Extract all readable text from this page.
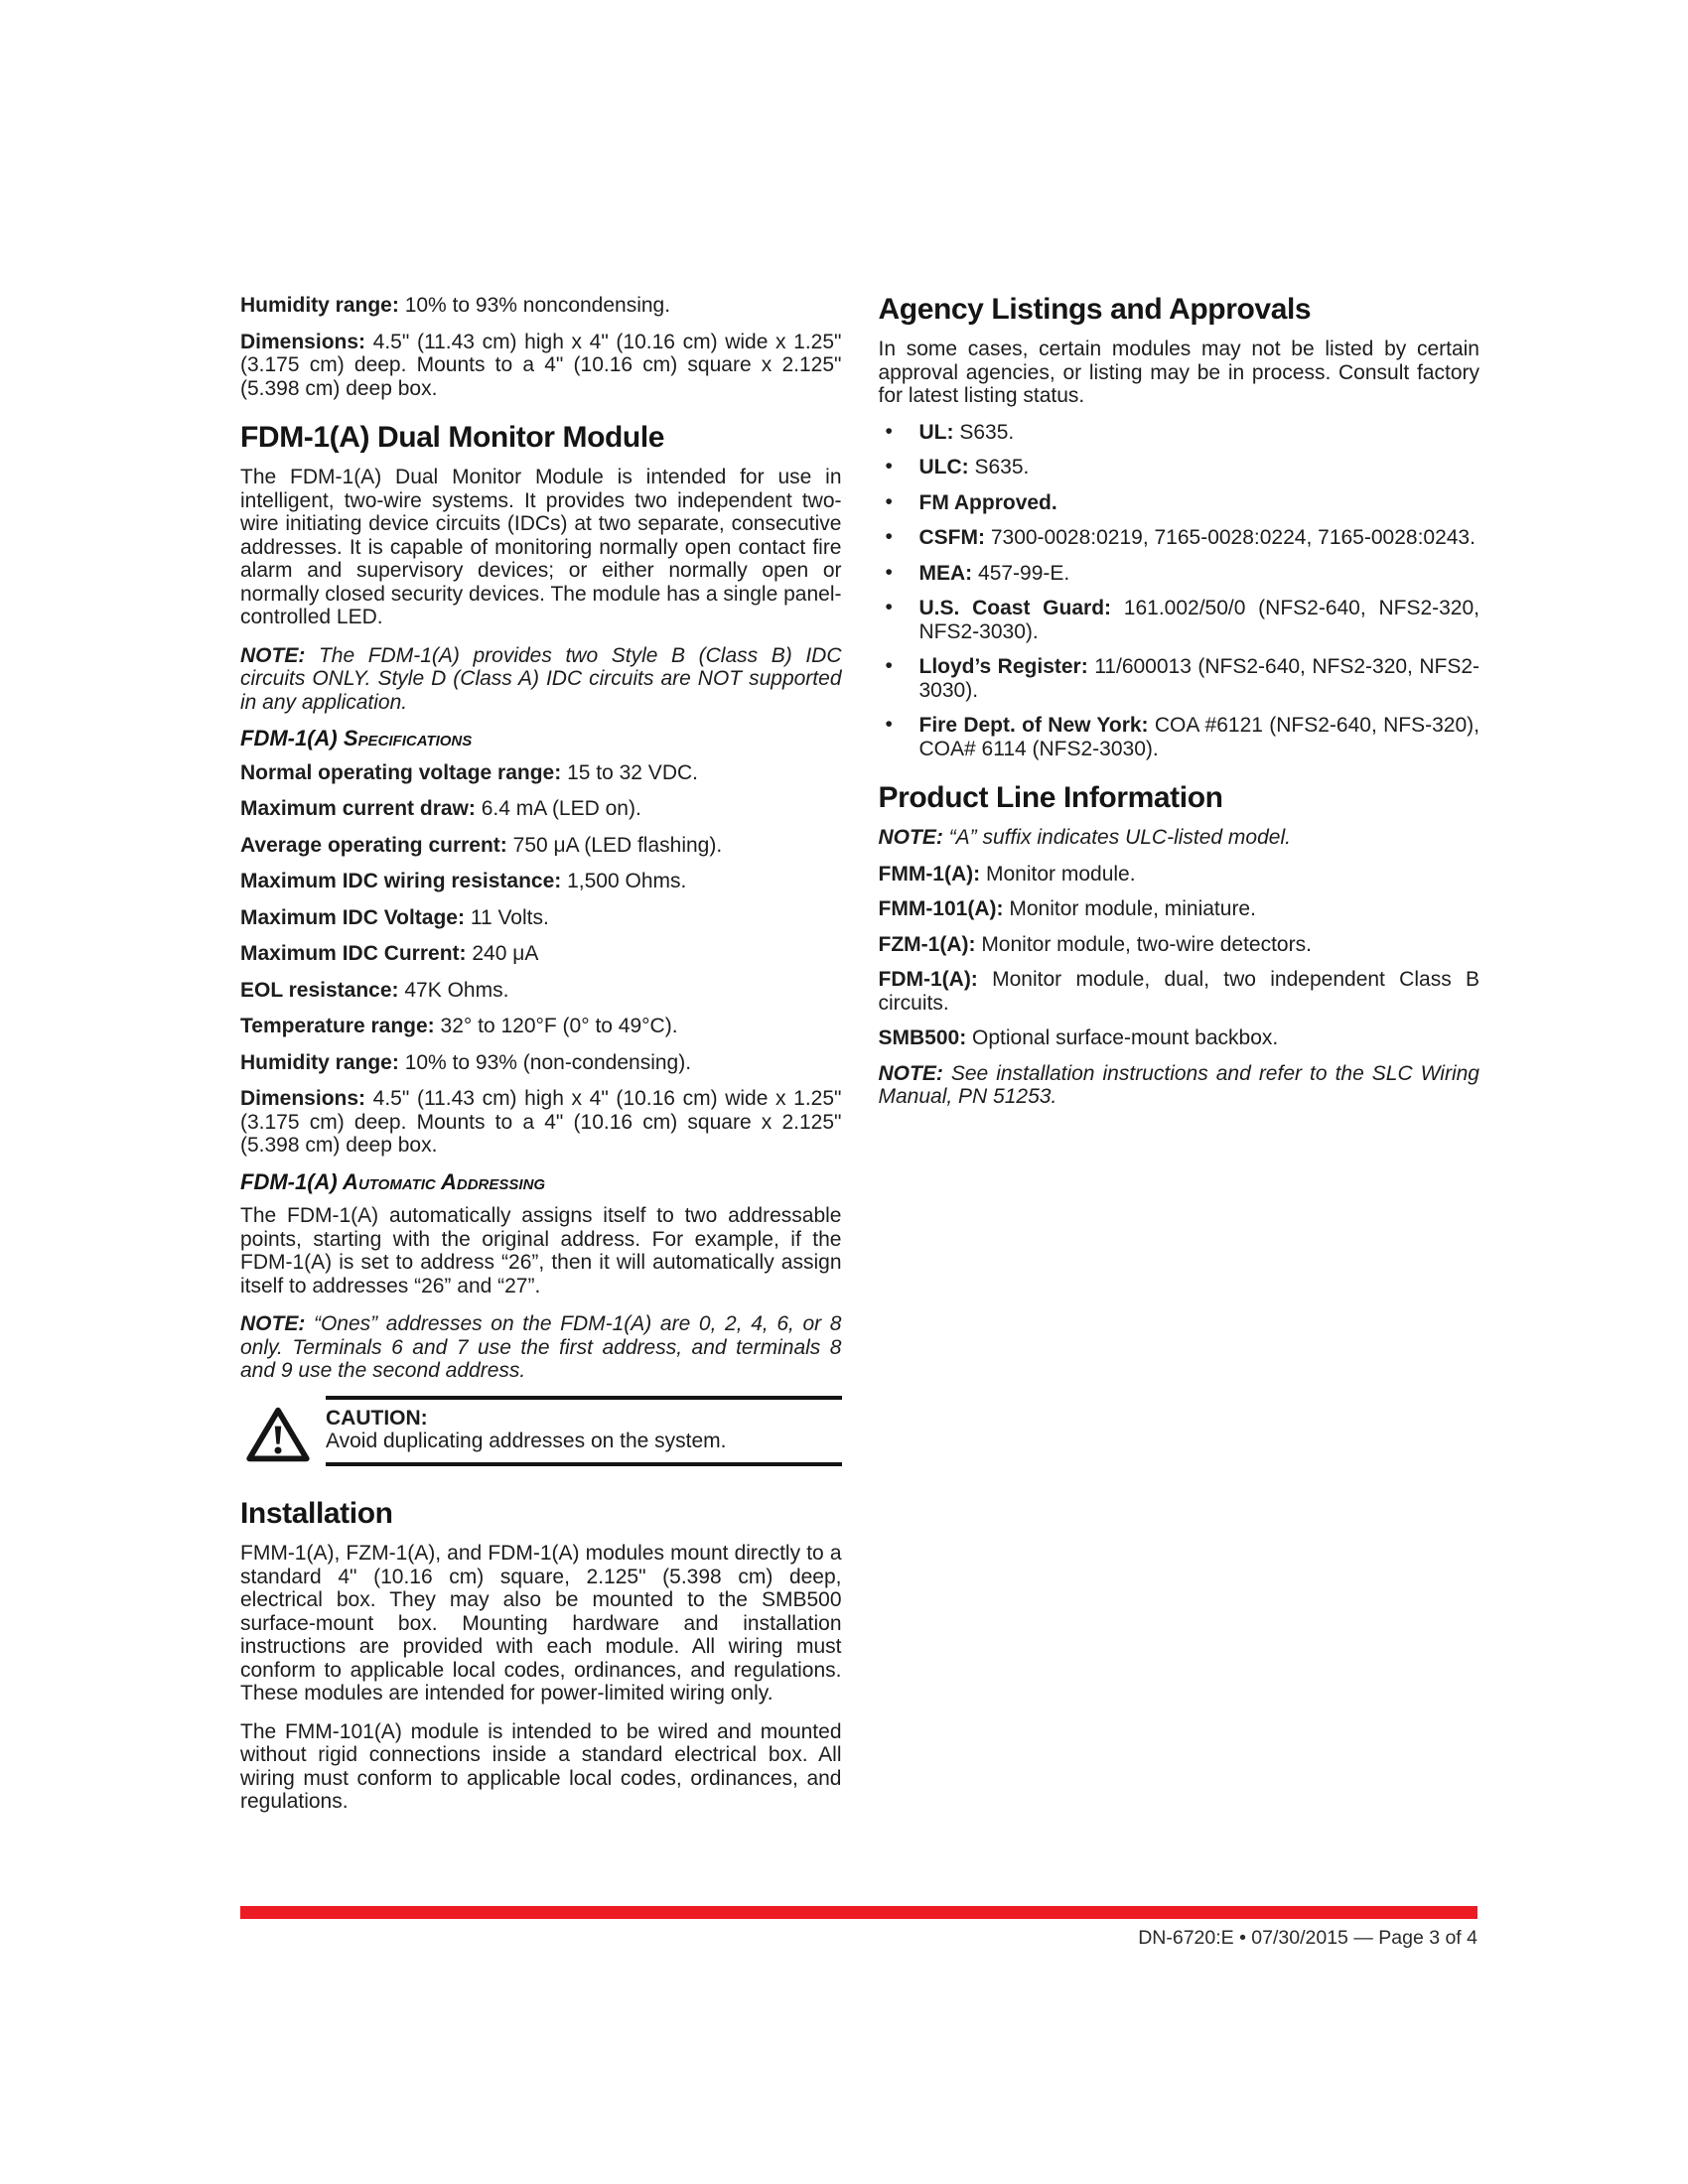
Humidity range: 10% to 93% noncondensing.

Dimensions: 4.5" (11.43 cm) high x 4" (10.16 cm) wide x 1.25" (3.175 cm) deep. Mounts to a 4" (10.16 cm) square x 2.125" (5.398 cm) deep box.

FDM-1(A) Dual Monitor Module

The FDM-1(A) Dual Monitor Module is intended for use in intelligent, two-wire systems. It provides two independent two-wire initiating device circuits (IDCs) at two separate, consecutive addresses. It is capable of monitoring normally open contact fire alarm and supervisory devices; or either normally open or normally closed security devices. The module has a single panel-controlled LED.

NOTE: The FDM-1(A) provides two Style B (Class B) IDC circuits ONLY. Style D (Class A) IDC circuits are NOT supported in any application.

FDM-1(A) Specifications

Normal operating voltage range: 15 to 32 VDC.

Maximum current draw: 6.4 mA (LED on).

Average operating current: 750 μA (LED flashing).

Maximum IDC wiring resistance: 1,500 Ohms.

Maximum IDC Voltage: 11 Volts.

Maximum IDC Current: 240 μA

EOL resistance: 47K Ohms.

Temperature range: 32° to 120°F (0° to 49°C).

Humidity range: 10% to 93% (non-condensing).

Dimensions: 4.5" (11.43 cm) high x 4" (10.16 cm) wide x 1.25" (3.175 cm) deep. Mounts to a 4" (10.16 cm) square x 2.125" (5.398 cm) deep box.

FDM-1(A) Automatic Addressing

The FDM-1(A) automatically assigns itself to two addressable points, starting with the original address. For example, if the FDM-1(A) is set to address “26”, then it will automatically assign itself to addresses “26” and “27”.

NOTE: “Ones” addresses on the FDM-1(A) are 0, 2, 4, 6, or 8 only. Terminals 6 and 7 use the first address, and terminals 8 and 9 use the second address.

CAUTION:
Avoid duplicating addresses on the system.
Installation

FMM-1(A), FZM-1(A), and FDM-1(A) modules mount directly to a standard 4" (10.16 cm) square, 2.125" (5.398 cm) deep, electrical box. They may also be mounted to the SMB500 surface-mount box. Mounting hardware and installation instructions are provided with each module. All wiring must conform to applicable local codes, ordinances, and regulations. These modules are intended for power-limited wiring only.

The FMM-101(A) module is intended to be wired and mounted without rigid connections inside a standard electrical box. All wiring must conform to applicable local codes, ordinances, and regulations.

Agency Listings and Approvals

In some cases, certain modules may not be listed by certain approval agencies, or listing may be in process. Consult factory for latest listing status.

• UL: S635.
• ULC: S635.
• FM Approved.
• CSFM: 7300-0028:0219, 7165-0028:0224, 7165-0028:0243.
• MEA: 457-99-E.
• U.S. Coast Guard: 161.002/50/0 (NFS2-640, NFS2-320, NFS2-3030).
• Lloyd’s Register: 11/600013 (NFS2-640, NFS2-320, NFS2-3030).
• Fire Dept. of New York: COA #6121 (NFS2-640, NFS-320), COA# 6114 (NFS2-3030).
Product Line Information

NOTE: “A” suffix indicates ULC-listed model.

FMM-1(A): Monitor module.

FMM-101(A): Monitor module, miniature.

FZM-1(A): Monitor module, two-wire detectors.

FDM-1(A): Monitor module, dual, two independent Class B circuits.

SMB500: Optional surface-mount backbox.

NOTE: See installation instructions and refer to the SLC Wiring Manual, PN 51253.

DN-6720:E • 07/30/2015 — Page 3 of 4
